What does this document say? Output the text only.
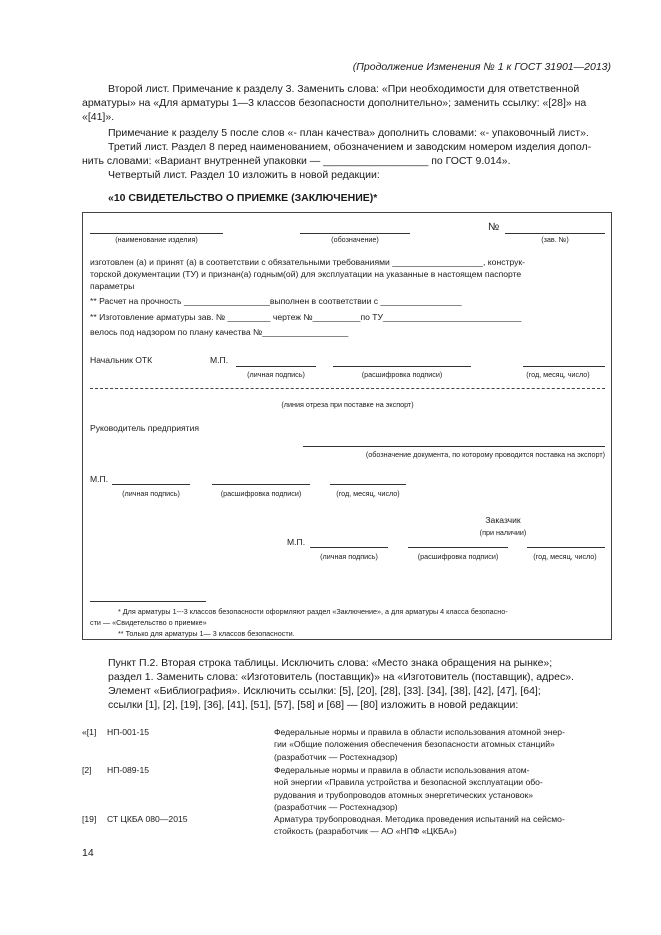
(Продолжение Изменения № 1 к ГОСТ 31901—2013)
Второй лист. Примечание к разделу 3. Заменить слова: «При необходимости для ответственной
арматуры» на «Для арматуры 1—3 классов безопасности дополнительно»; заменить ссылку: «[28]» на
«[41]».
Примечание к разделу 5 после слов «- план качества» дополнить словами: «- упаковочный лист».
Третий лист. Раздел 8 перед наименованием, обозначением и заводским номером изделия допол-
нить словами: «Вариант внутренней упаковки — __________________ по ГОСТ 9.014».
Четвертый лист. Раздел 10 изложить в новой редакции:
«10 СВИДЕТЕЛЬСТВО О ПРИЕМКЕ (ЗАКЛЮЧЕНИЕ)*
№
(наименование изделия)	(обозначение)	(зав. №)
изготовлен (а) и принят (а) в соответствии с обязательными требованиями ___________________, конструк-
торской документации (ТУ) и признан(а) годным(ой) для эксплуатации на указанные в настоящем паспорте
параметры
** Расчет на прочность __________________выполнен в соответствии с _________________
** Изготовление арматуры зав. № _________ чертеж №__________по ТУ_____________________________
велось под надзором по плану качества №__________________
Начальник ОТК	М.П.
(личная подпись)	(расшифровка подписи)	(год, месяц, число)
(линия отреза при поставке на экспорт)
Руководитель предприятия
(обозначение документа, по которому проводится поставка на экспорт)
М.П.
(личная подпись)	(расшифровка подписи)	(год, месяц, число)
Заказчик
(при наличии)
М.П.
(личная подпись)	(расшифровка подписи)	(год, месяц, число)
* Для арматуры 1---3 классов безопасности оформляют раздел «Заключение», а для арматуры 4 класса безопасно-
сти — «Свидетельство о приемке»
** Только для арматуры 1— 3 классов безопасности.
Пункт П.2. Вторая строка таблицы. Исключить слова: «Место знака обращения на рынке»;
раздел 1. Заменить слова: «Изготовитель (поставщик)» на «Изготовитель (поставщик), адрес».
Элемент «Библиография». Исключить ссылки: [5], [20], [28], [33]. [34], [38], [42], [47], [64];
ссылки [1], [2], [19], [36], [41], [51], [57], [58] и [68] — [80] изложить в новой редакции:
«[1] НП-001-15	Федеральные нормы и правила в области использования атомной энер-
гии «Общие положения обеспечения безопасности атомных станций»
(разработчик — Ростехнадзор)
[2] НП-089-15	Федеральные нормы и правила в области использования атом-
ной энергии «Правила устройства и безопасной эксплуатации обо-
рудования и трубопроводов атомных энергетических установок»
(разработчик — Ростехнадзор)
[19] СТ ЦКБА 080—2015	Арматура трубопроводная. Методика проведения испытаний на сейсмо-
стойкость (разработчик — АО «НПФ «ЦКБА»)
14
